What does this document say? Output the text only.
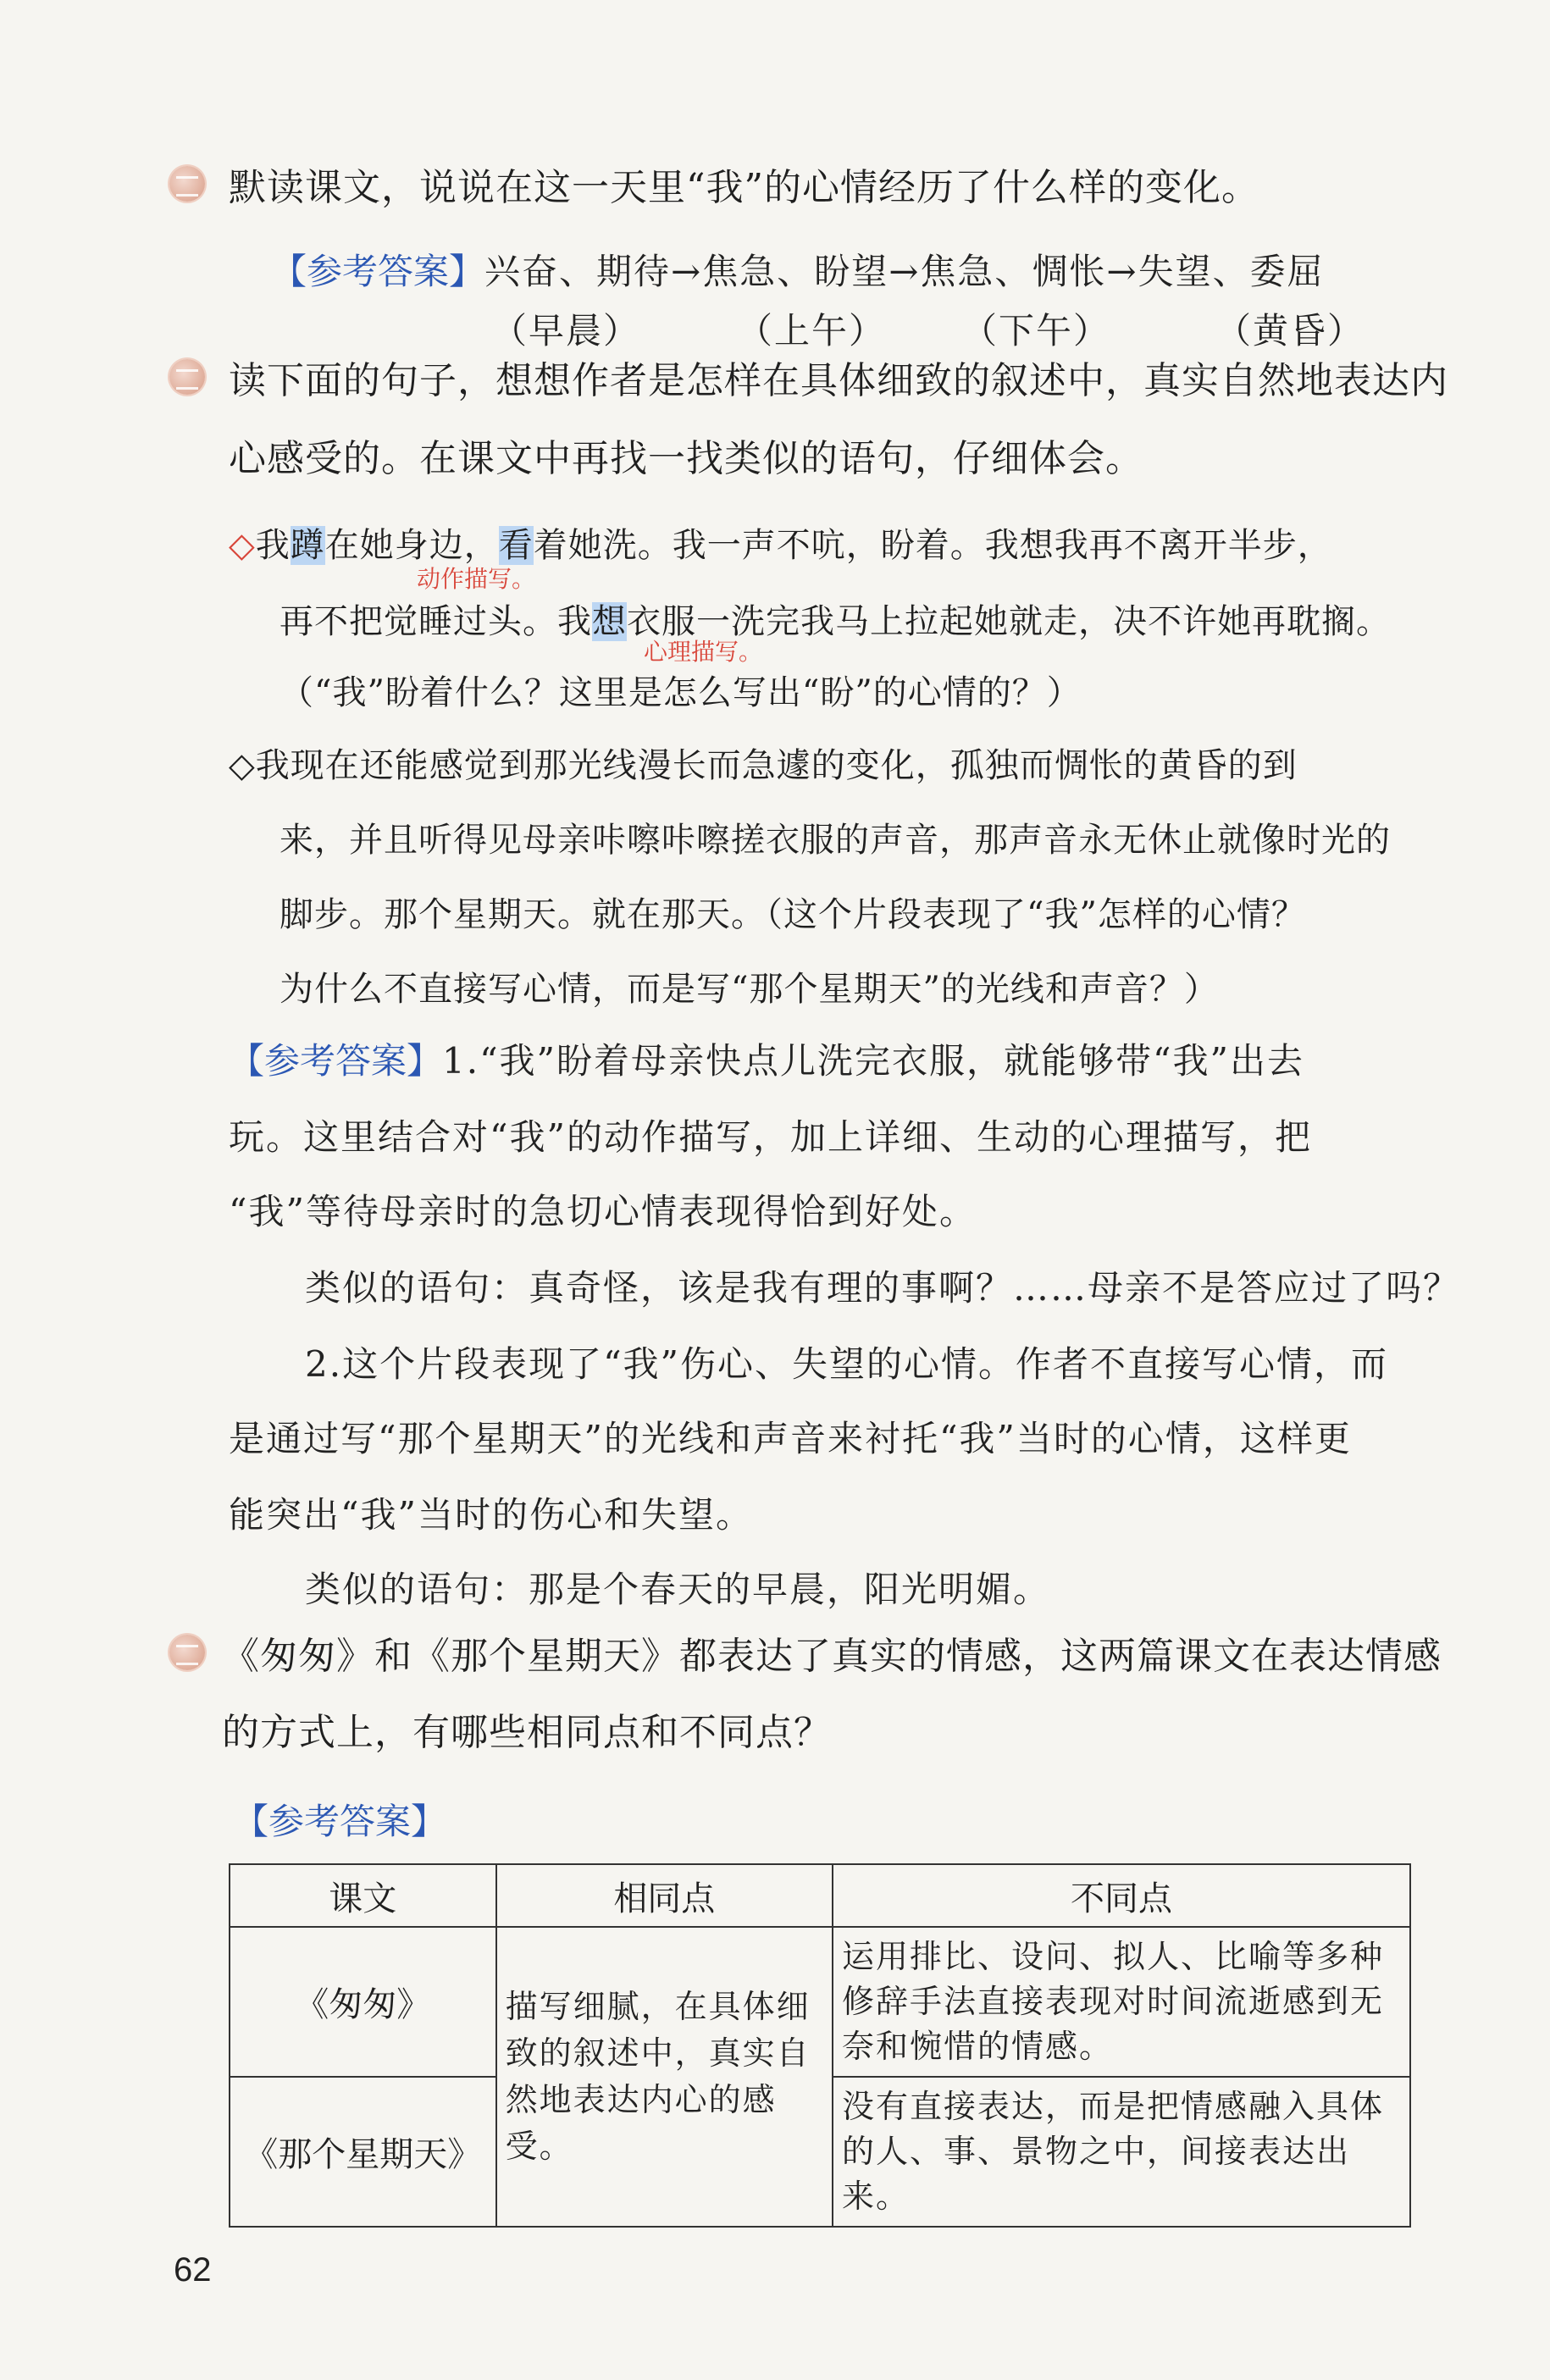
默读课文，说说在这一天里“我”的心情经历了什么样的变化。
【参考答案】兴奋、期待→焦急、盼望→焦急、惆怅→失望、委屈
（早晨）	（上午） （下午）	（黄昏）
读下面的句子，想想作者是怎样在具体细致的叙述中，真实自然地表达内
心感受的。在课文中再找一找类似的语句，仔细体会。
◇我蹲在她身边，看着她洗。我一声不吭，盼着。我想我再不离开半步，
动作描写。
再不把觉睡过头。我想衣服一洗完我马上拉起她就走，决不许她再耽搁。
心理描写。
（“我”盼着什么？这里是怎么写出“盼”的心情的？）
◇我现在还能感觉到那光线漫长而急遽的变化，孤独而惆怅的黄昏的到
来，并且听得见母亲咔嚓咔嚓搓衣服的声音，那声音永无休止就像时光的
脚步。那个星期天。就在那天。（这个片段表现了“我”怎样的心情？
为什么不直接写心情，而是写“那个星期天”的光线和声音？）
【参考答案】1.“我”盼着母亲快点儿洗完衣服，就能够带“我”出去
玩。这里结合对“我”的动作描写，加上详细、生动的心理描写，把
“我”等待母亲时的急切心情表现得恰到好处。
类似的语句：真奇怪，该是我有理的事啊？……母亲不是答应过了吗？
2.这个片段表现了“我”伤心、失望的心情。作者不直接写心情，而
是通过写“那个星期天”的光线和声音来衬托“我”当时的心情，这样更
能突出“我”当时的伤心和失望。
类似的语句：那是个春天的早晨，阳光明媚。
《匆匆》和《那个星期天》都表达了真实的情感，这两篇课文在表达情感
的方式上，有哪些相同点和不同点？
【参考答案】
课文	相同点	不同点
《匆匆》	描写细腻，在具体细致的叙述中，真实自然地表达内心的感受。	运用排比、设问、拟人、比喻等多种修辞手法直接表现对时间流逝感到无奈和惋惜的情感。
《那个星期天》		没有直接表达，而是把情感融入具体的人、事、景物之中，间接表达出来。
62
